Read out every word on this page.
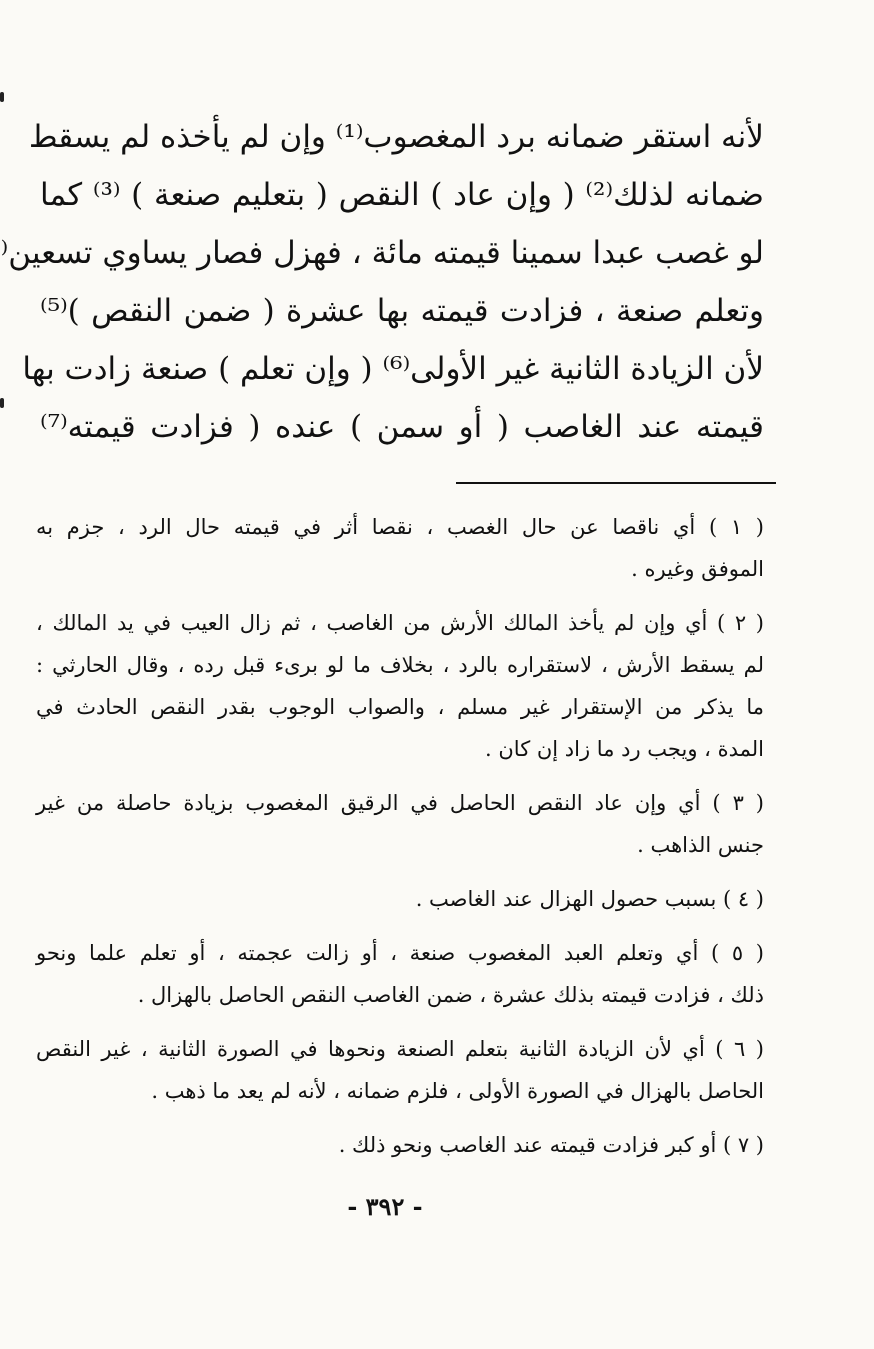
لأنه استقر ضمانه برد المغصوب⁽¹⁾ وإن لم يأخذه لم يسقط
ضمانه لذلك⁽²⁾ ( وإن عاد ) النقص ( بتعليم صنعة ) ⁽³⁾ كما
لو غصب عبدا سمينا قيمته مائة ، فهزل فصار يساوي تسعين⁽
وتعلم صنعة ، فزادت قيمته بها عشرة ( ضمن النقص )⁽⁵⁾
لأن الزيادة الثانية غير الأولى⁽⁶⁾ ( وإن تعلم ) صنعة زادت بها
قيمته عند الغاصب ( أو سمن ) عنده ( فزادت قيمته⁽⁷⁾
( ١ ) أي ناقصا عن حال الغصب ، نقصا أثر في قيمته حال الرد ، جزم به
الموفق وغيره .
( ٢ ) أي وإن لم يأخذ المالك الأرش من الغاصب ، ثم زال العيب في يد المالك ،
لم يسقط الأرش ، لاستقراره بالرد ، بخلاف ما لو برىء قبل رده ، وقال الحارثي :
ما يذكر من الإستقرار غير مسلم ، والصواب الوجوب بقدر النقص الحادث في
المدة ، ويجب رد ما زاد إن كان .
( ٣ ) أي وإن عاد النقص الحاصل في الرقيق المغصوب بزيادة حاصلة من غير
جنس الذاهب .
( ٤ ) بسبب حصول الهزال عند الغاصب .
( ٥ ) أي وتعلم العبد المغصوب صنعة ، أو زالت عجمته ، أو تعلم علما ونحو
ذلك ، فزادت قيمته بذلك عشرة ، ضمن الغاصب النقص الحاصل بالهزال .
( ٦ ) أي لأن الزيادة الثانية بتعلم الصنعة ونحوها في الصورة الثانية ، غير النقص
الحاصل بالهزال في الصورة الأولى ، فلزم ضمانه ، لأنه لم يعد ما ذهب .
( ٧ ) أو كبر فزادت قيمته عند الغاصب ونحو ذلك .
- ٣٩٢ -
